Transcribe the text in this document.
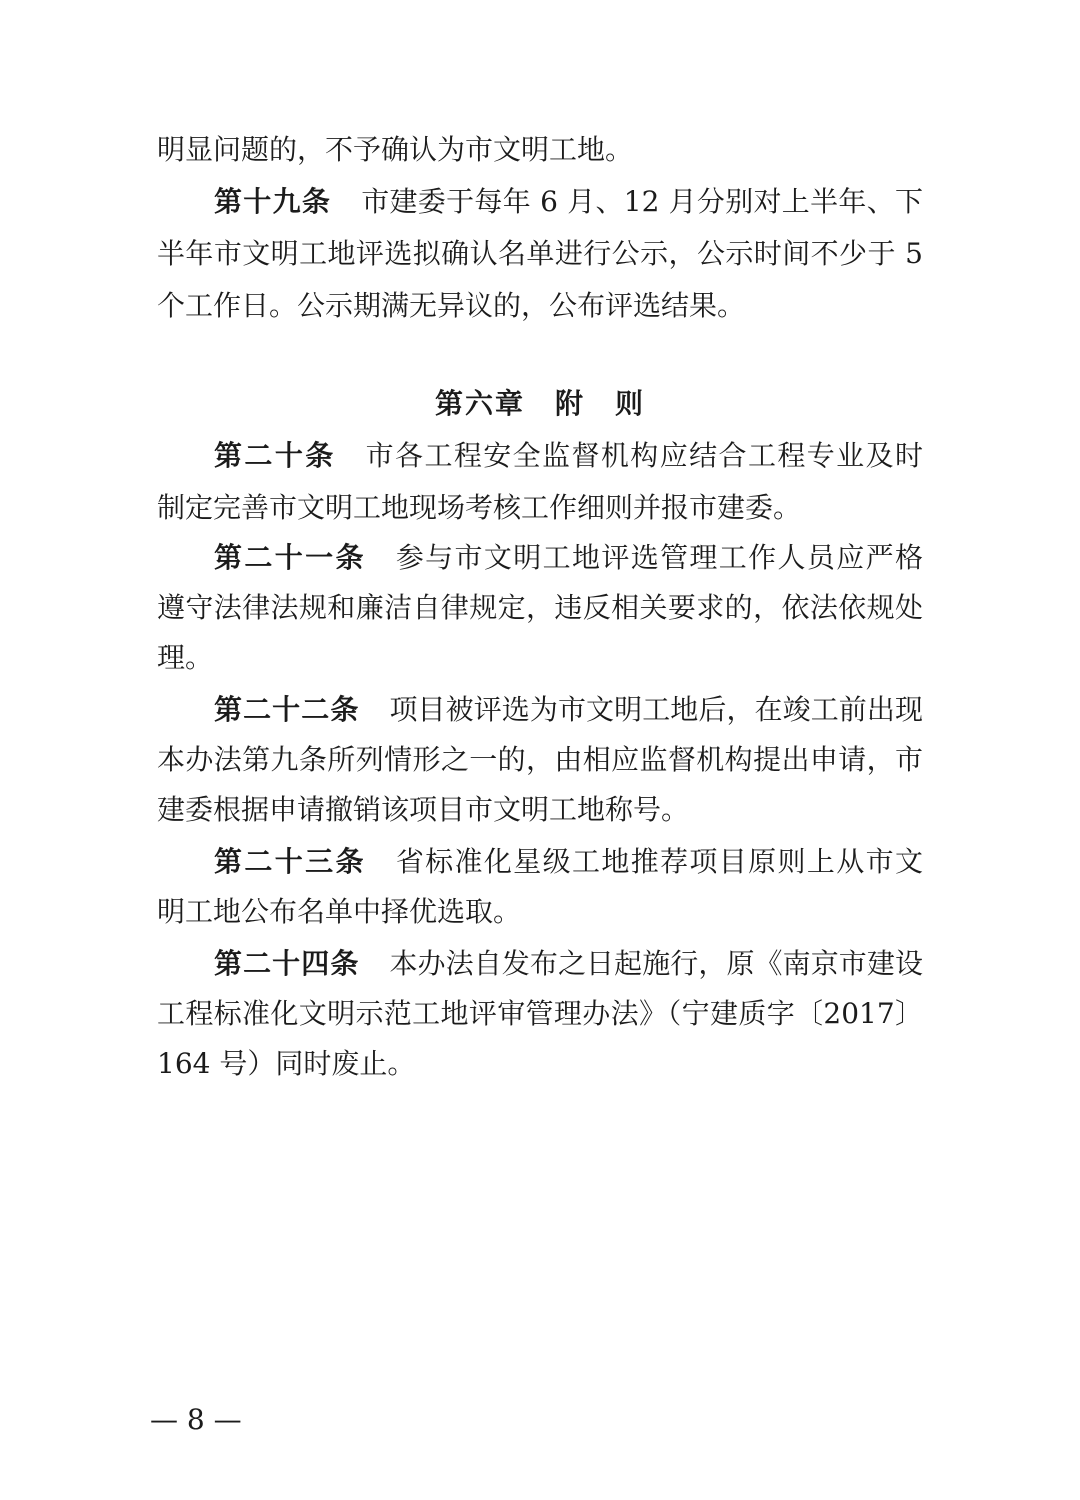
明显问题的，不予确认为市文明工地。
第十九条 市建委于每年 6 月、12 月分别对上半年、下
半年市文明工地评选拟确认名单进行公示，公示时间不少于 5
个工作日。公示期满无异议的，公布评选结果。
第六章　附　则
第二十条 市各工程安全监督机构应结合工程专业及时
制定完善市文明工地现场考核工作细则并报市建委。
第二十一条 参与市文明工地评选管理工作人员应严格
遵守法律法规和廉洁自律规定，违反相关要求的，依法依规处
理。
第二十二条 项目被评选为市文明工地后，在竣工前出现
本办法第九条所列情形之一的，由相应监督机构提出申请，市
建委根据申请撤销该项目市文明工地称号。
第二十三条 省标准化星级工地推荐项目原则上从市文
明工地公布名单中择优选取。
第二十四条 本办法自发布之日起施行，原《南京市建设
工程标准化文明示范工地评审管理办法》（宁建质字〔2017〕
164 号）同时废止。
— 8 —
